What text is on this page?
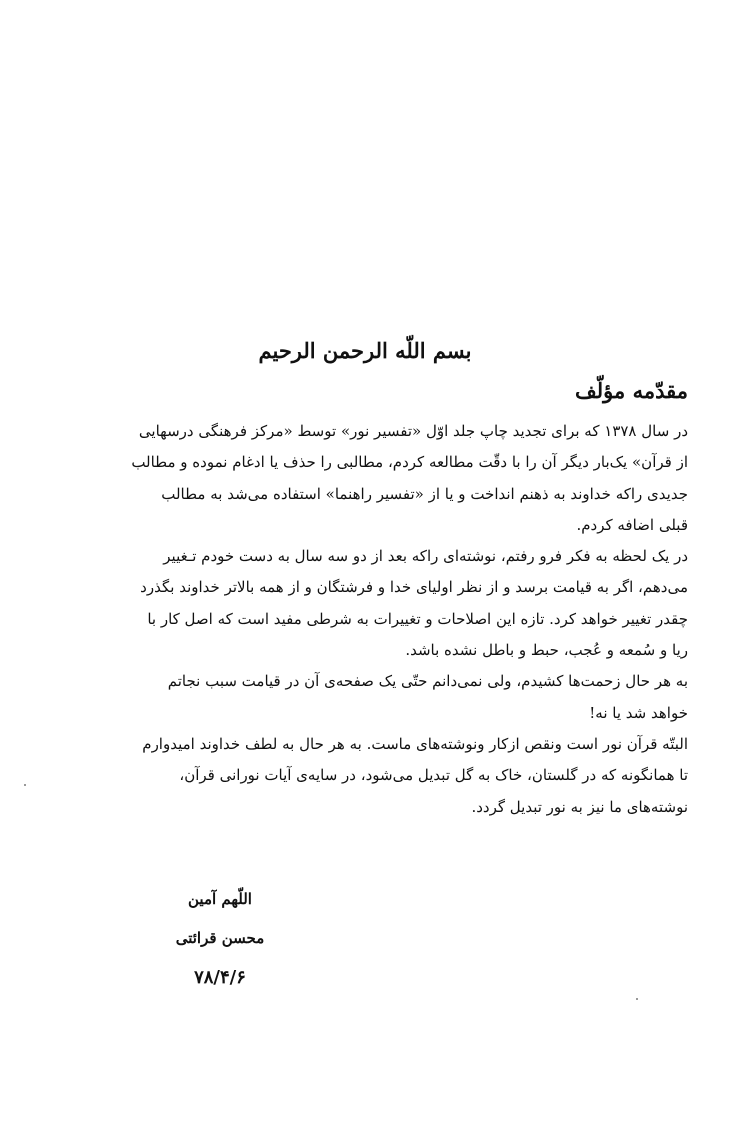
بسم اللّه الرحمن الرحیم
مقدّمه مؤلّف
در سال ۱۳۷۸ که برای تجدید چاپ جلد اوّل «تفسیر نور» توسط «مرکز فرهنگی درسهایی
از قرآن» یک‌بار دیگر آن را با دقّت مطالعه کردم، مطالبی را حذف یا ادغام نموده و مطالب
جدیدی راکه خداوند به ذهنم انداخت و یا از «تفسیر راهنما» استفاده می‌شد به مطالب
قبلی اضافه کردم.
در یک لحظه به فکر فرو رفتم، نوشته‌ای راکه بعد از دو سه سال به دست خودم تـغییر
می‌دهم، اگر به قیامت برسد و از نظر اولیای خدا و فرشتگان و از همه بالاتر خداوند بگذرد
چقدر تغییر خواهد کرد. تازه این اصلاحات و تغییرات به شرطی مفید است که اصل کار با
ریا و سُمعه و عُجب، حبط و باطل نشده باشد.
به هر حال زحمت‌ها کشیدم، ولی نمی‌دانم حتّی یک صفحه‌ی آن در قیامت سبب نجاتم
خواهد شد یا نه!
البتّه قرآن نور است ونقص ازکار ونوشته‌های ماست. به هر حال به لطف خداوند امیدوارم
تا همانگونه که در گلستان، خاک به گل تبدیل می‌شود، در سایه‌ی آیات نورانی قرآن،
نوشته‌های ما نیز به نور تبدیل گردد.
اللّهم آمین
محسن قرائتی
۷۸/۴/۶
